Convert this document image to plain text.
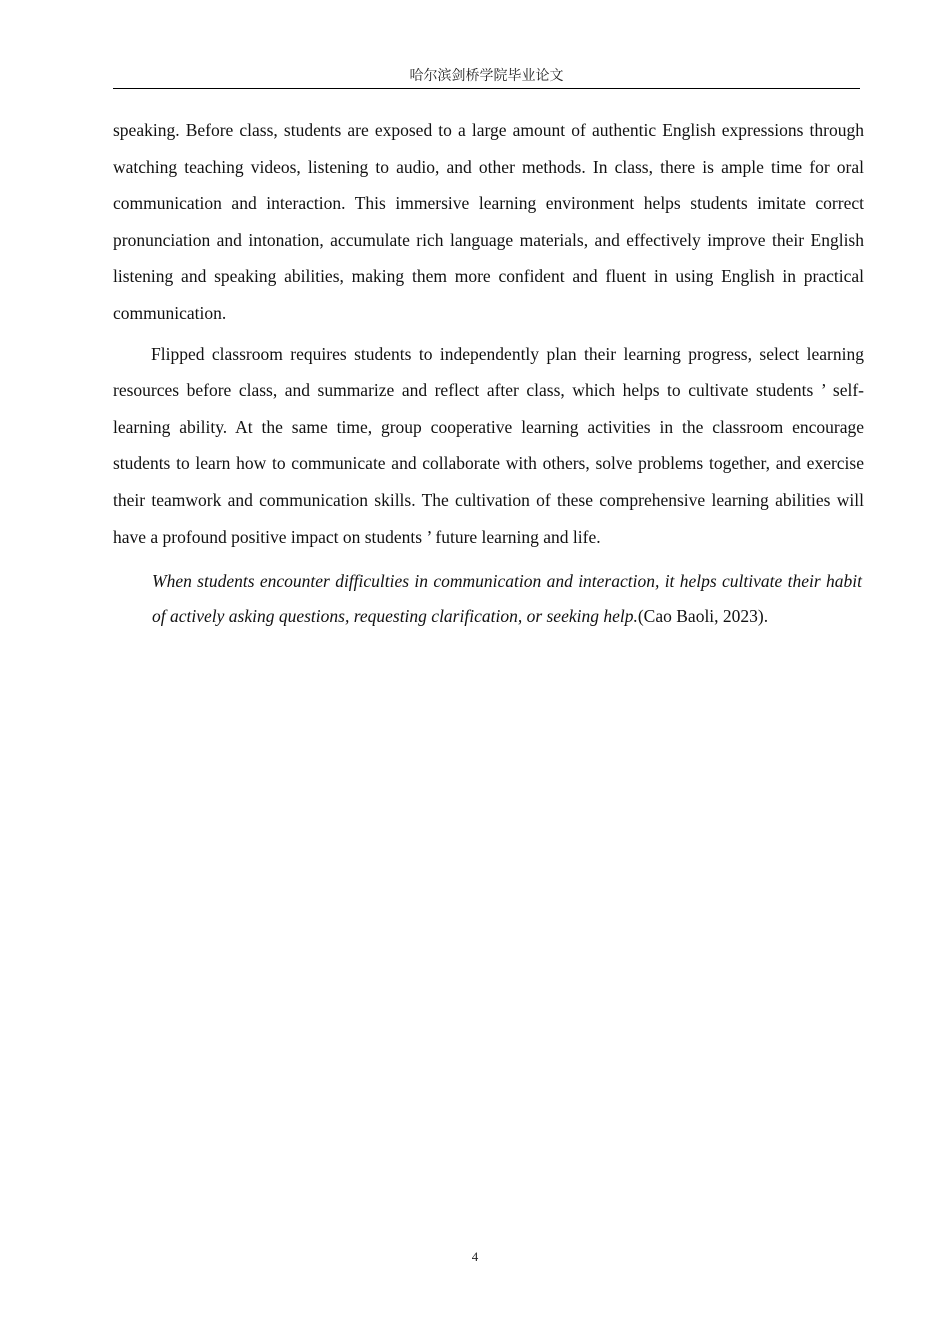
哈尔滨剑桥学院毕业论文

speaking. Before class, students are exposed to a large amount of authentic English expressions through watching teaching videos, listening to audio, and other methods. In class, there is ample time for oral communication and interaction. This immersive learning environment helps students imitate correct pronunciation and intonation, accumulate rich language materials, and effectively improve their English listening and speaking abilities, making them more confident and fluent in using English in practical communication.

Flipped classroom requires students to independently plan their learning progress, select learning resources before class, and summarize and reflect after class, which helps to cultivate students ’ self-learning ability. At the same time, group cooperative learning activities in the classroom encourage students to learn how to communicate and collaborate with others, solve problems together, and exercise their teamwork and communication skills. The cultivation of these comprehensive learning abilities will have a profound positive impact on students ’ future learning and life.

When students encounter difficulties in communication and interaction, it helps cultivate their habit of actively asking questions, requesting clarification, or seeking help.(Cao Baoli, 2023).

4
